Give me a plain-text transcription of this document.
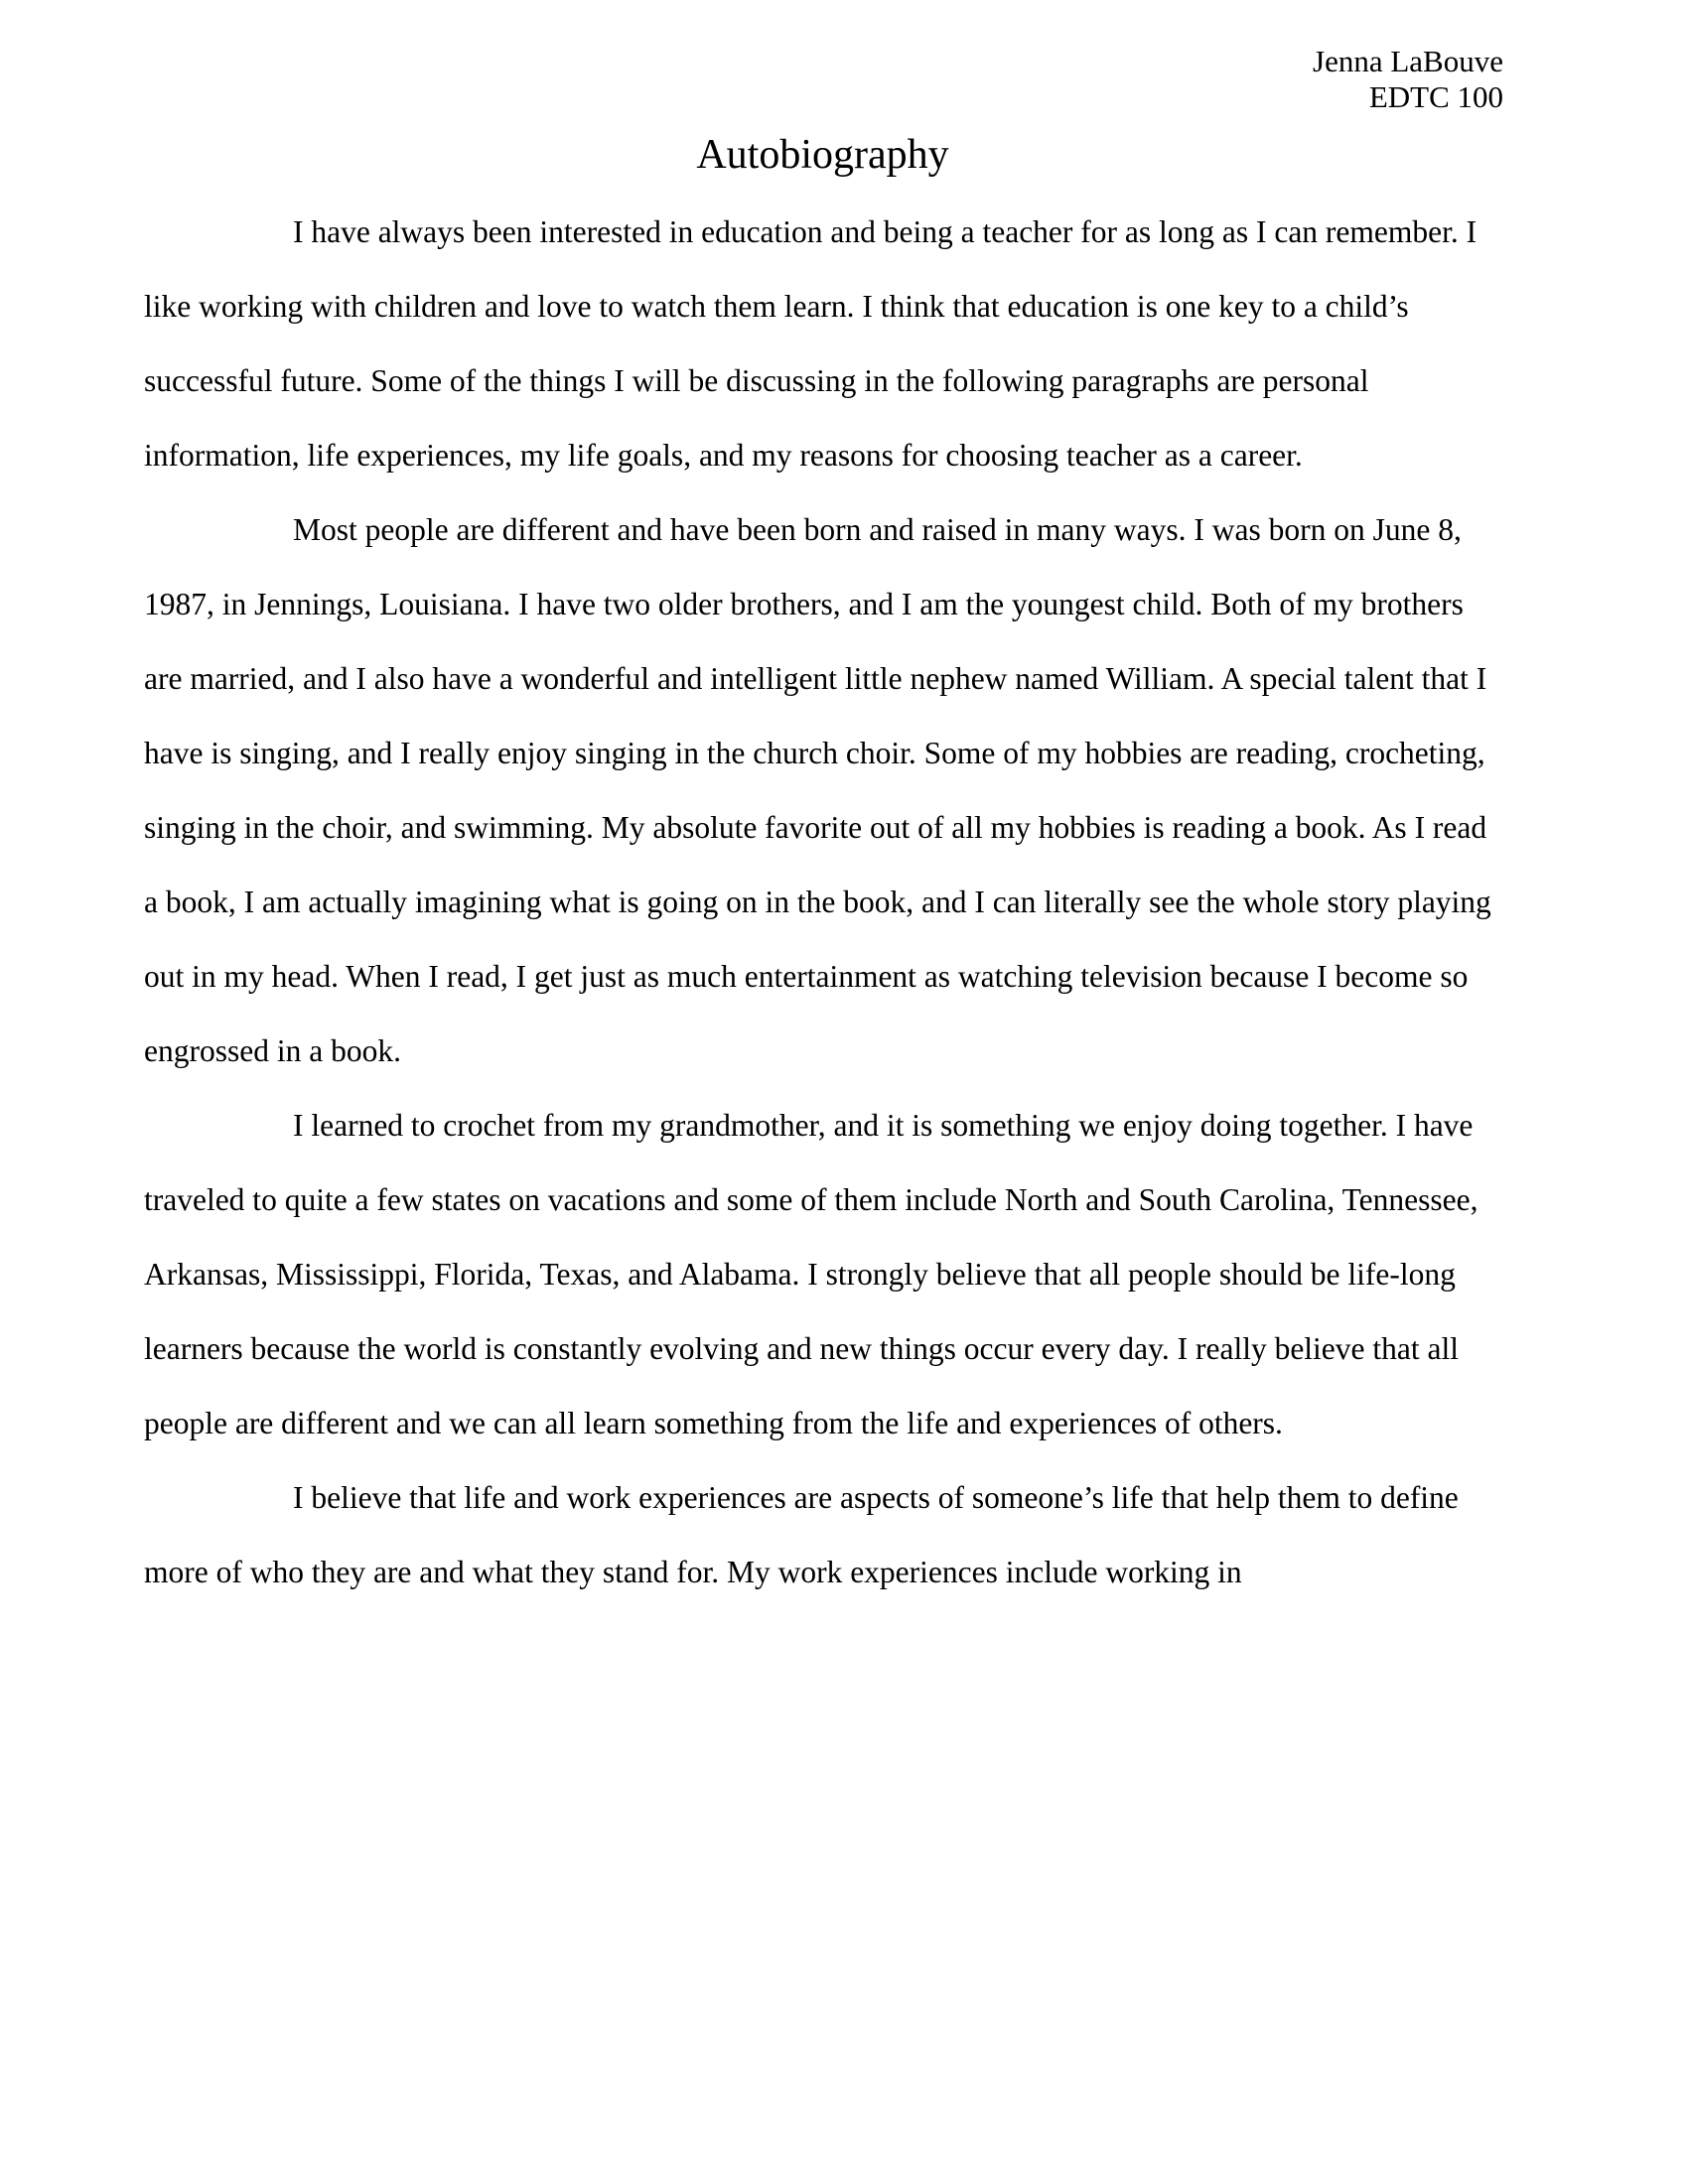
Jenna LaBouve
EDTC 100
Autobiography

I have always been interested in education and being a teacher for as long as I can remember. I like working with children and love to watch them learn. I think that education is one key to a child’s successful future. Some of the things I will be discussing in the following paragraphs are personal information, life experiences, my life goals, and my reasons for choosing teacher as a career.

Most people are different and have been born and raised in many ways. I was born on June 8, 1987, in Jennings, Louisiana. I have two older brothers, and I am the youngest child. Both of my brothers are married, and I also have a wonderful and intelligent little nephew named William. A special talent that I have is singing, and I really enjoy singing in the church choir. Some of my hobbies are reading, crocheting, singing in the choir, and swimming. My absolute favorite out of all my hobbies is reading a book. As I read a book, I am actually imagining what is going on in the book, and I can literally see the whole story playing out in my head. When I read, I get just as much entertainment as watching television because I become so engrossed in a book.

I learned to crochet from my grandmother, and it is something we enjoy doing together. I have traveled to quite a few states on vacations and some of them include North and South Carolina, Tennessee, Arkansas, Mississippi, Florida, Texas, and Alabama. I strongly believe that all people should be life-long learners because the world is constantly evolving and new things occur every day. I really believe that all people are different and we can all learn something from the life and experiences of others.

I believe that life and work experiences are aspects of someone’s life that help them to define more of who they are and what they stand for. My work experiences include working in
